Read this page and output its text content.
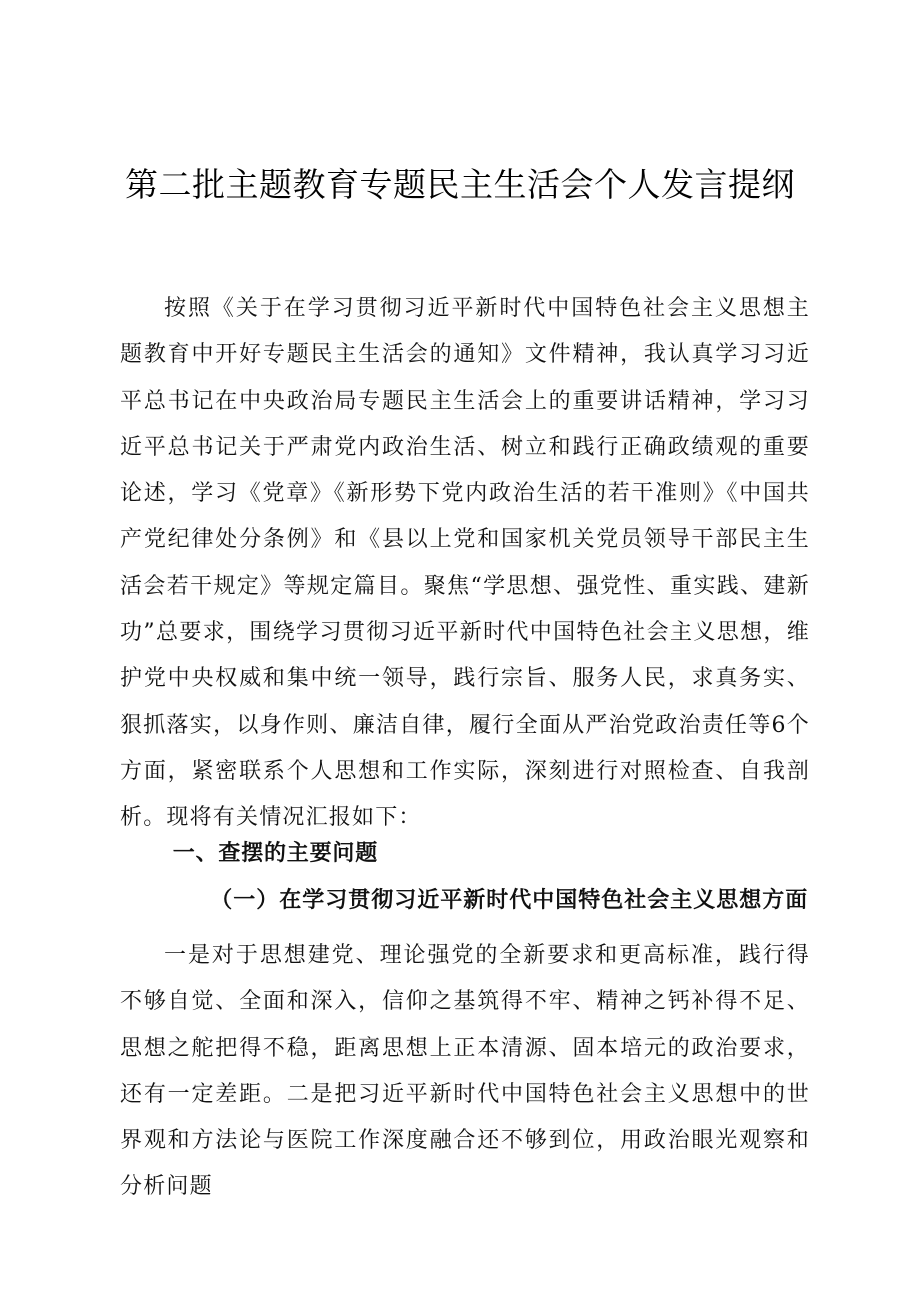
第二批主题教育专题民主生活会个人发言提纲

按照《关于在学习贯彻习近平新时代中国特色社会主义思想主题教育中开好专题民主生活会的通知》文件精神，我认真学习习近平总书记在中央政治局专题民主生活会上的重要讲话精神，学习习近平总书记关于严肃党内政治生活、树立和践行正确政绩观的重要论述，学习《党章》《新形势下党内政治生活的若干准则》《中国共产党纪律处分条例》和《县以上党和国家机关党员领导干部民主生活会若干规定》等规定篇目。聚焦“学思想、强党性、重实践、建新功”总要求，围绕学习贯彻习近平新时代中国特色社会主义思想，维护党中央权威和集中统一领导，践行宗旨、服务人民，求真务实、狠抓落实，以身作则、廉洁自律，履行全面从严治党政治责任等6个方面，紧密联系个人思想和工作实际，深刻进行对照检查、自我剖析。现将有关情况汇报如下：

一、查摆的主要问题
（一）在学习贯彻习近平新时代中国特色社会主义思想方面

一是对于思想建党、理论强党的全新要求和更高标准，践行得不够自觉、全面和深入，信仰之基筑得不牢、精神之钙补得不足、思想之舵把得不稳，距离思想上正本清源、固本培元的政治要求，还有一定差距。二是把习近平新时代中国特色社会主义思想中的世界观和方法论与医院工作深度融合还不够到位，用政治眼光观察和分析问题
